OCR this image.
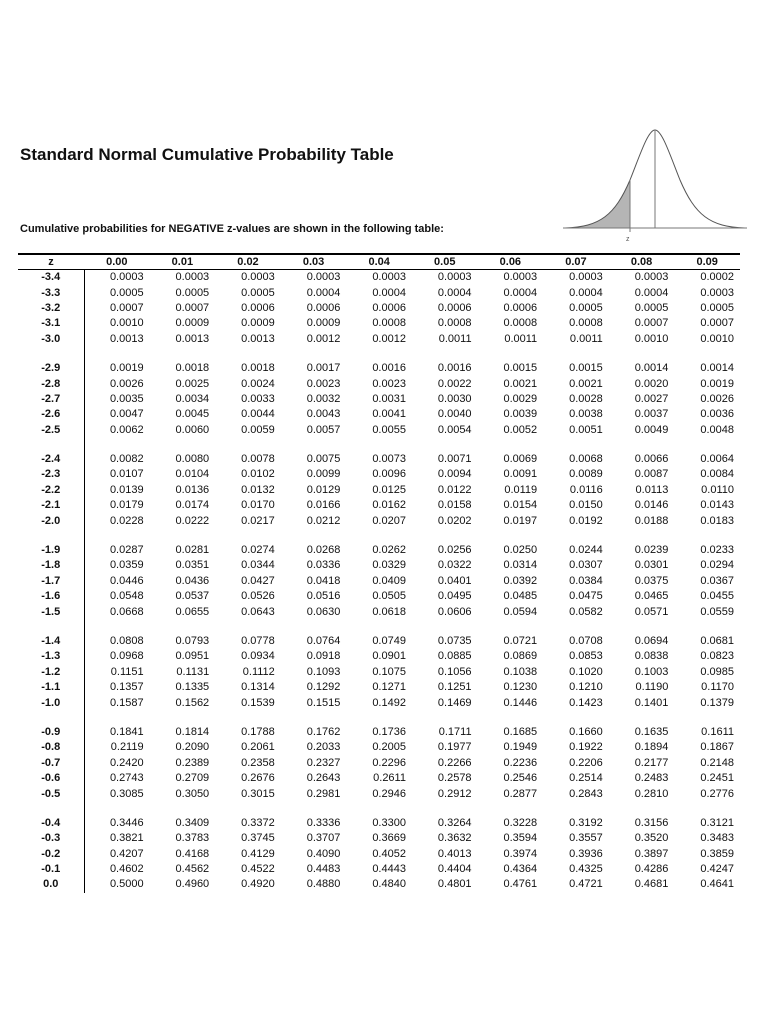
Standard Normal Cumulative Probability Table

Cumulative probabilities for NEGATIVE z-values are shown in the following table:

z
z	0.00	0.01	0.02	0.03	0.04	0.05	0.06	0.07	0.08	0.09
-3.4	0.0003	0.0003	0.0003	0.0003	0.0003	0.0003	0.0003	0.0003	0.0003	0.0002
-3.3	0.0005	0.0005	0.0005	0.0004	0.0004	0.0004	0.0004	0.0004	0.0004	0.0003
-3.2	0.0007	0.0007	0.0006	0.0006	0.0006	0.0006	0.0006	0.0005	0.0005	0.0005
-3.1	0.0010	0.0009	0.0009	0.0009	0.0008	0.0008	0.0008	0.0008	0.0007	0.0007
-3.0	0.0013	0.0013	0.0013	0.0012	0.0012	0.0011	0.0011	0.0011	0.0010	0.0010

-2.9	0.0019	0.0018	0.0018	0.0017	0.0016	0.0016	0.0015	0.0015	0.0014	0.0014
-2.8	0.0026	0.0025	0.0024	0.0023	0.0023	0.0022	0.0021	0.0021	0.0020	0.0019
-2.7	0.0035	0.0034	0.0033	0.0032	0.0031	0.0030	0.0029	0.0028	0.0027	0.0026
-2.6	0.0047	0.0045	0.0044	0.0043	0.0041	0.0040	0.0039	0.0038	0.0037	0.0036
-2.5	0.0062	0.0060	0.0059	0.0057	0.0055	0.0054	0.0052	0.0051	0.0049	0.0048

-2.4	0.0082	0.0080	0.0078	0.0075	0.0073	0.0071	0.0069	0.0068	0.0066	0.0064
-2.3	0.0107	0.0104	0.0102	0.0099	0.0096	0.0094	0.0091	0.0089	0.0087	0.0084
-2.2	0.0139	0.0136	0.0132	0.0129	0.0125	0.0122	0.0119	0.0116	0.0113	0.0110
-2.1	0.0179	0.0174	0.0170	0.0166	0.0162	0.0158	0.0154	0.0150	0.0146	0.0143
-2.0	0.0228	0.0222	0.0217	0.0212	0.0207	0.0202	0.0197	0.0192	0.0188	0.0183

-1.9	0.0287	0.0281	0.0274	0.0268	0.0262	0.0256	0.0250	0.0244	0.0239	0.0233
-1.8	0.0359	0.0351	0.0344	0.0336	0.0329	0.0322	0.0314	0.0307	0.0301	0.0294
-1.7	0.0446	0.0436	0.0427	0.0418	0.0409	0.0401	0.0392	0.0384	0.0375	0.0367
-1.6	0.0548	0.0537	0.0526	0.0516	0.0505	0.0495	0.0485	0.0475	0.0465	0.0455
-1.5	0.0668	0.0655	0.0643	0.0630	0.0618	0.0606	0.0594	0.0582	0.0571	0.0559

-1.4	0.0808	0.0793	0.0778	0.0764	0.0749	0.0735	0.0721	0.0708	0.0694	0.0681
-1.3	0.0968	0.0951	0.0934	0.0918	0.0901	0.0885	0.0869	0.0853	0.0838	0.0823
-1.2	0.1151	0.1131	0.1112	0.1093	0.1075	0.1056	0.1038	0.1020	0.1003	0.0985
-1.1	0.1357	0.1335	0.1314	0.1292	0.1271	0.1251	0.1230	0.1210	0.1190	0.1170
-1.0	0.1587	0.1562	0.1539	0.1515	0.1492	0.1469	0.1446	0.1423	0.1401	0.1379

-0.9	0.1841	0.1814	0.1788	0.1762	0.1736	0.1711	0.1685	0.1660	0.1635	0.1611
-0.8	0.2119	0.2090	0.2061	0.2033	0.2005	0.1977	0.1949	0.1922	0.1894	0.1867
-0.7	0.2420	0.2389	0.2358	0.2327	0.2296	0.2266	0.2236	0.2206	0.2177	0.2148
-0.6	0.2743	0.2709	0.2676	0.2643	0.2611	0.2578	0.2546	0.2514	0.2483	0.2451
-0.5	0.3085	0.3050	0.3015	0.2981	0.2946	0.2912	0.2877	0.2843	0.2810	0.2776

-0.4	0.3446	0.3409	0.3372	0.3336	0.3300	0.3264	0.3228	0.3192	0.3156	0.3121
-0.3	0.3821	0.3783	0.3745	0.3707	0.3669	0.3632	0.3594	0.3557	0.3520	0.3483
-0.2	0.4207	0.4168	0.4129	0.4090	0.4052	0.4013	0.3974	0.3936	0.3897	0.3859
-0.1	0.4602	0.4562	0.4522	0.4483	0.4443	0.4404	0.4364	0.4325	0.4286	0.4247
0.0	0.5000	0.4960	0.4920	0.4880	0.4840	0.4801	0.4761	0.4721	0.4681	0.4641
